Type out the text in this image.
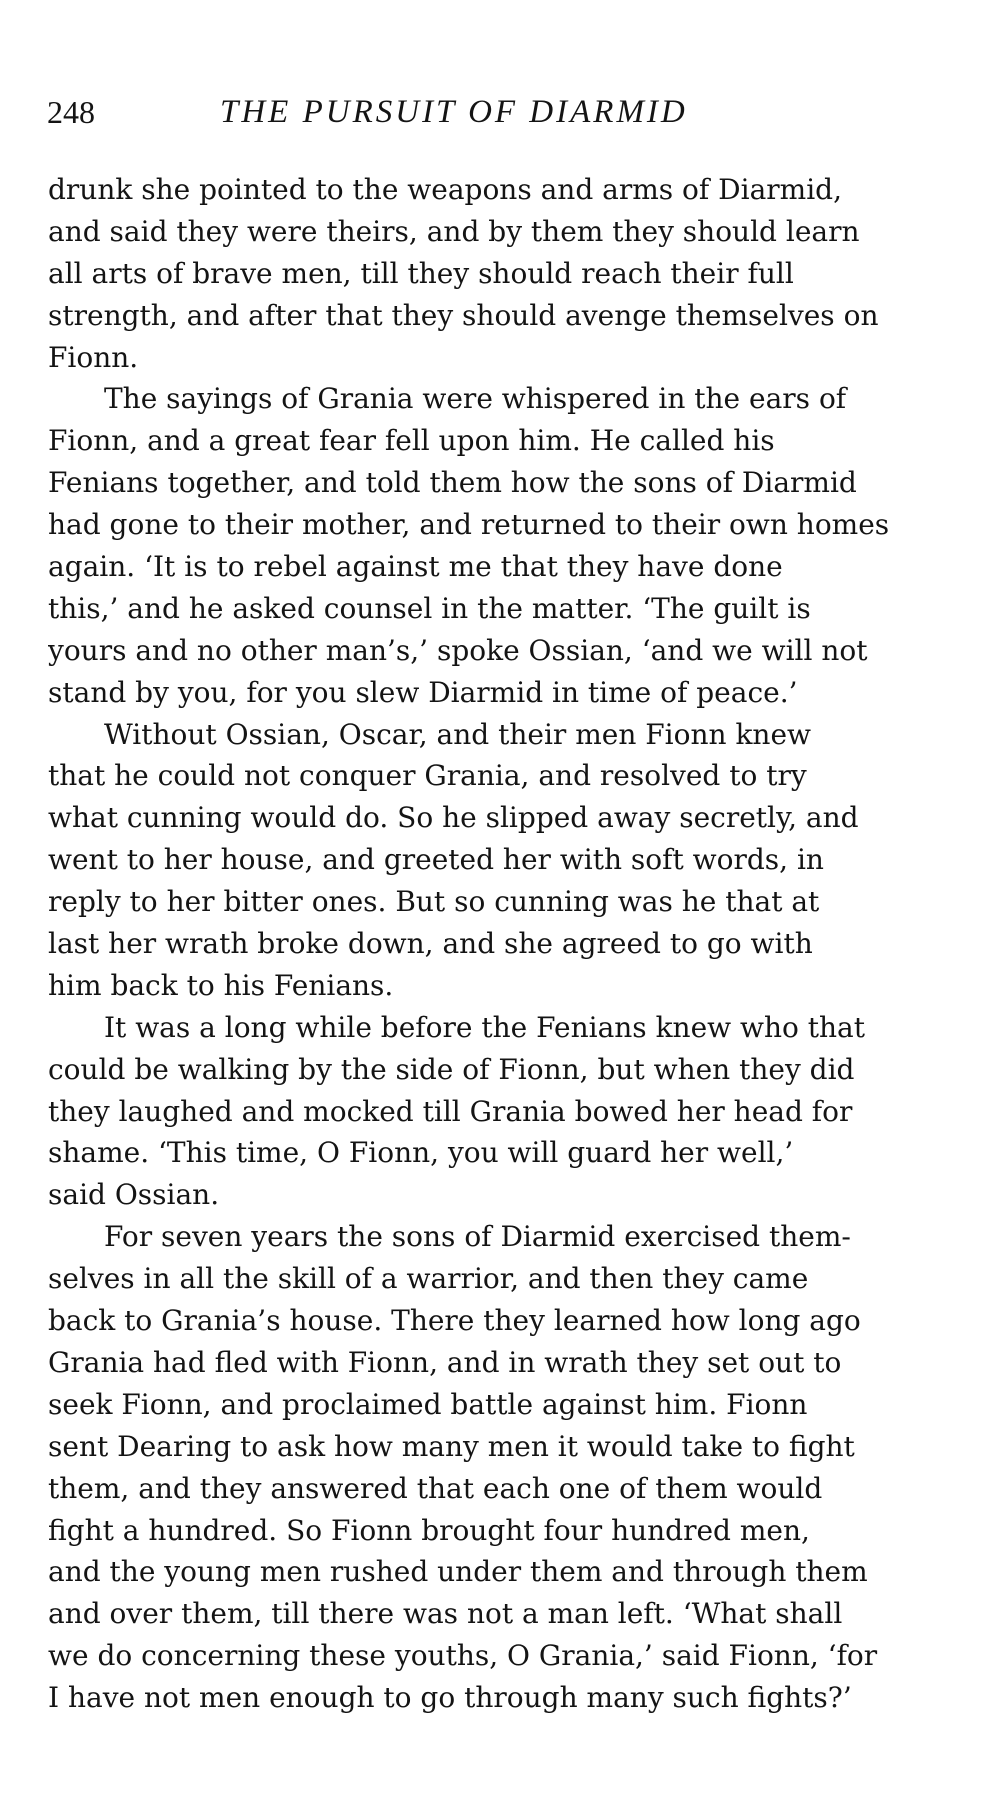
248	THE PURSUIT OF DIARMID
drunk she pointed to the weapons and arms of Diarmid,
and said they were theirs, and by them they should learn
all arts of brave men, till they should reach their full
strength, and after that they should avenge themselves on
Fionn.
The sayings of Grania were whispered in the ears of
Fionn, and a great fear fell upon him. He called his
Fenians together, and told them how the sons of Diarmid
had gone to their mother, and returned to their own homes
again. ‘It is to rebel against me that they have done
this,’ and he asked counsel in the matter. ‘The guilt is
yours and no other man’s,’ spoke Ossian, ‘and we will not
stand by you, for you slew Diarmid in time of peace.’
Without Ossian, Oscar, and their men Fionn knew
that he could not conquer Grania, and resolved to try
what cunning would do. So he slipped away secretly, and
went to her house, and greeted her with soft words, in
reply to her bitter ones. But so cunning was he that at
last her wrath broke down, and she agreed to go with
him back to his Fenians.
It was a long while before the Fenians knew who that
could be walking by the side of Fionn, but when they did
they laughed and mocked till Grania bowed her head for
shame. ‘This time, O Fionn, you will guard her well,’
said Ossian.
For seven years the sons of Diarmid exercised them-
selves in all the skill of a warrior, and then they came
back to Grania’s house. There they learned how long ago
Grania had fled with Fionn, and in wrath they set out to
seek Fionn, and proclaimed battle against him. Fionn
sent Dearing to ask how many men it would take to fight
them, and they answered that each one of them would
fight a hundred. So Fionn brought four hundred men,
and the young men rushed under them and through them
and over them, till there was not a man left. ‘What shall
we do concerning these youths, O Grania,’ said Fionn, ‘for
I have not men enough to go through many such fights?’
